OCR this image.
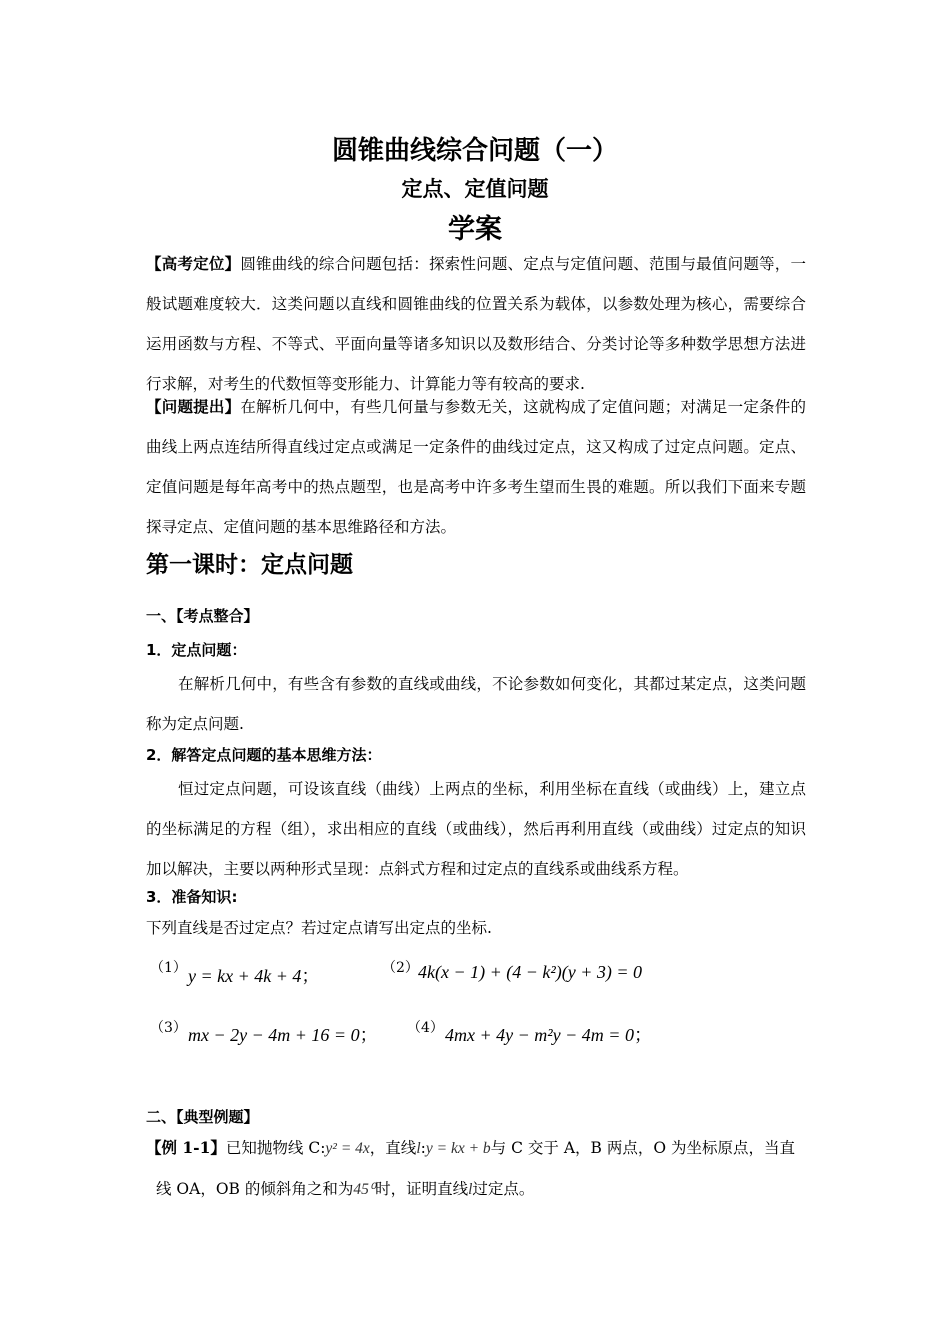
圆锥曲线综合问题（一）
定点、定值问题
学案
【高考定位】圆锥曲线的综合问题包括：探索性问题、定点与定值问题、范围与最值问题等，一般试题难度较大．这类问题以直线和圆锥曲线的位置关系为载体，以参数处理为核心，需要综合运用函数与方程、不等式、平面向量等诸多知识以及数形结合、分类讨论等多种数学思想方法进行求解，对考生的代数恒等变形能力、计算能力等有较高的要求.
【问题提出】在解析几何中，有些几何量与参数无关，这就构成了定值问题；对满足一定条件的曲线上两点连结所得直线过定点或满足一定条件的曲线过定点，这又构成了过定点问题。定点、定值问题是每年高考中的热点题型，也是高考中许多考生望而生畏的难题。所以我们下面来专题探寻定点、定值问题的基本思维路径和方法。
第一课时：定点问题
一、【考点整合】
1．定点问题：
在解析几何中，有些含有参数的直线或曲线，不论参数如何变化，其都过某定点，这类问题称为定点问题.
2．解答定点问题的基本思维方法：
恒过定点问题，可设该直线（曲线）上两点的坐标，利用坐标在直线（或曲线）上，建立点的坐标满足的方程（组），求出相应的直线（或曲线），然后再利用直线（或曲线）过定点的知识加以解决，主要以两种形式呈现：点斜式方程和过定点的直线系或曲线系方程。
3．准备知识:
下列直线是否过定点？若过定点请写出定点的坐标.
（1） y = kx + 4k + 4；	（2） 4k(x − 1) + (4 − k²)(y + 3) = 0
（3） mx − 2y − 4m + 16 = 0； （4） 4mx + 4y − m²y − 4m = 0；
二、【典型例题】
【例 1-1】已知抛物线 C:y² = 4x，直线l:y = kx + b与 C 交于 A，B 两点，O 为坐标原点，当直
线 OA，OB 的倾斜角之和为45⁰时，证明直线l过定点。
